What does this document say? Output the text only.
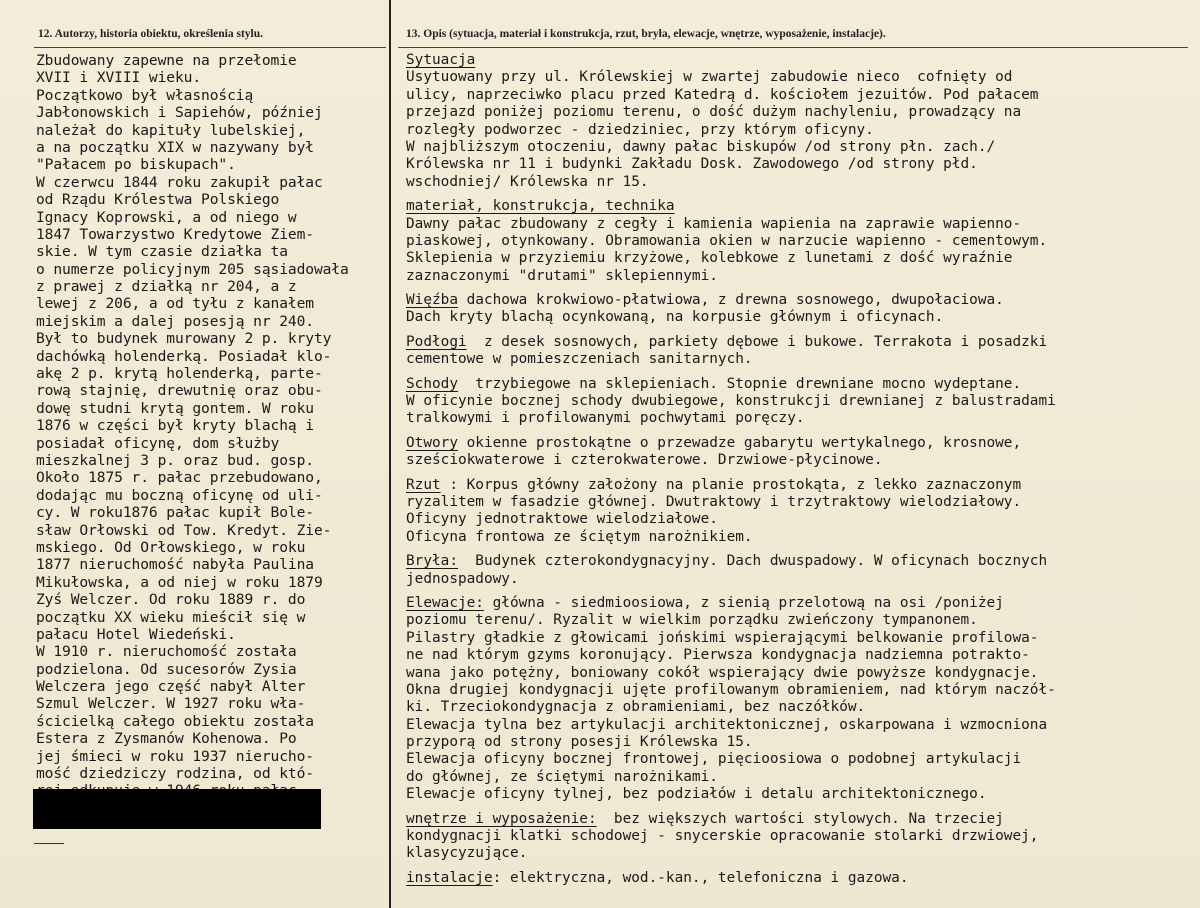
12. Autorzy, historia obiektu, określenia stylu.	13. Opis (sytuacja, materiał i konstrukcja, rzut, bryła, elewacje, wnętrze, wyposażenie, instalacje).
Zbudowany zapewne na przełomie
XVII i XVIII wieku.
Początkowo był własnością
Jabłonowskich i Sapiehów, później
należał do kapituły lubelskiej,
a na początku XIX w nazywany był
"Pałacem po biskupach".
W czerwcu 1844 roku zakupił pałac
od Rządu Królestwa Polskiego
Ignacy Koprowski, a od niego w
1847 Towarzystwo Kredytowe Ziem-
skie. W tym czasie działka ta
o numerze policyjnym 205 sąsiadowała
z prawej z działką nr 204, a z
lewej z 206, a od tyłu z kanałem
miejskim a dalej posesją nr 240.
Był to budynek murowany 2 p. kryty
dachówką holenderką. Posiadał klo-
akę 2 p. krytą holenderką, parte-
rową stajnię, drewutnię oraz obu-
dowę studni krytą gontem. W roku
1876 w części był kryty blachą i
posiadał oficynę, dom służby
mieszkalnej 3 p. oraz bud. gosp.
Około 1875 r. pałac przebudowano,
dodając mu boczną oficynę od uli-
cy. W roku1876 pałac kupił Bole-
sław Orłowski od Tow. Kredyt. Zie-
mskiego. Od Orłowskiego, w roku
1877 nieruchomość nabyła Paulina
Mikułowska, a od niej w roku 1879
Zyś Welczer. Od roku 1889 r. do
początku XX wieku mieścił się w
pałacu Hotel Wiedeński.
W 1910 r. nieruchomość została
podzielona. Od sucesorów Zysia
Welczera jego część nabył Alter
Szmul Welczer. W 1927 roku wła-
ścicielką całego obiektu została
Estera z Zysmanów Kohenowa. Po
jej śmieci w roku 1937 nierucho-
mość dziedziczy rodzina, od któ-
Sytuacja
Usytuowany przy ul. Królewskiej w zwartej zabudowie nieco  cofnięty od
ulicy, naprzeciwko placu przed Katedrą d. kościołem jezuitów. Pod pałacem
przejazd poniżej poziomu terenu, o dość dużym nachyleniu, prowadzący na
rozległy podworzec - dziedziniec, przy którym oficyny.
W najbliższym otoczeniu, dawny pałac biskupów /od strony płn. zach./
Królewska nr 11 i budynki Zakładu Dosk. Zawodowego /od strony płd.
wschodniej/ Królewska nr 15.
materiał, konstrukcja, technika
Dawny pałac zbudowany z cegły i kamienia wapienia na zaprawie wapienno-
piaskowej, otynkowany. Obramowania okien w narzucie wapienno - cementowym.
Sklepienia w przyziemiu krzyżowe, kolebkowe z lunetami z dość wyraźnie
zaznaczonymi "drutami" sklepiennymi.
Więźba dachowa krokwiowo-płatwiowa, z drewna sosnowego, dwupołaciowa.
Dach kryty blachą ocynkowaną, na korpusie głównym i oficynach.
Podłogi  z desek sosnowych, parkiety dębowe i bukowe. Terrakota i posadzki
cementowe w pomieszczeniach sanitarnych.
Schody  trzybiegowe na sklepieniach. Stopnie drewniane mocno wydeptane.
W oficynie bocznej schody dwubiegowe, konstrukcji drewnianej z balustradami
tralkowymi i profilowanymi pochwytami poręczy.
Otwory okienne prostokątne o przewadze gabarytu wertykalnego, krosnowe,
sześciokwaterowe i czterokwaterowe. Drzwiowe-płycinowe.
Rzut : Korpus główny założony na planie prostokąta, z lekko zaznaczonym
ryzalitem w fasadzie głównej. Dwutraktowy i trzytraktowy wielodziałowy.
Oficyny jednotraktowe wielodziałowe.
Oficyna frontowa ze ściętym narożnikiem.
Bryła:  Budynek czterokondygnacyjny. Dach dwuspadowy. W oficynach bocznych
jednospadowy.
Elewacje: główna - siedmioosiowa, z sienią przelotową na osi /poniżej
poziomu terenu/. Ryzalit w wielkim porządku zwieńczony tympanonem.
Pilastry gładkie z głowicami jońskimi wspierającymi belkowanie profilowa-
ne nad którym gzyms koronujący. Pierwsza kondygnacja nadziemna potrakto-
wana jako potężny, boniowany cokół wspierający dwie powyższe kondygnacje.
Okna drugiej kondygnacji ujęte profilowanym obramieniem, nad którym naczół-
ki. Trzeciokondygnacja z obramieniami, bez naczółków.
Elewacja tylna bez artykulacji architektonicznej, oskarpowana i wzmocniona
przyporą od strony posesji Królewska 15.
Elewacja oficyny bocznej frontowej, pięcioosiowa o podobnej artykulacji
do głównej, ze ściętymi narożnikami.
Elewacje oficyny tylnej, bez podziałów i detalu architektonicznego.
wnętrze i wyposażenie:  bez większych wartości stylowych. Na trzeciej
kondygnacji klatki schodowej - snycerskie opracowanie stolarki drzwiowej,
klasycyzujące.
instalacje: elektryczna, wod.-kan., telefoniczna i gazowa.
